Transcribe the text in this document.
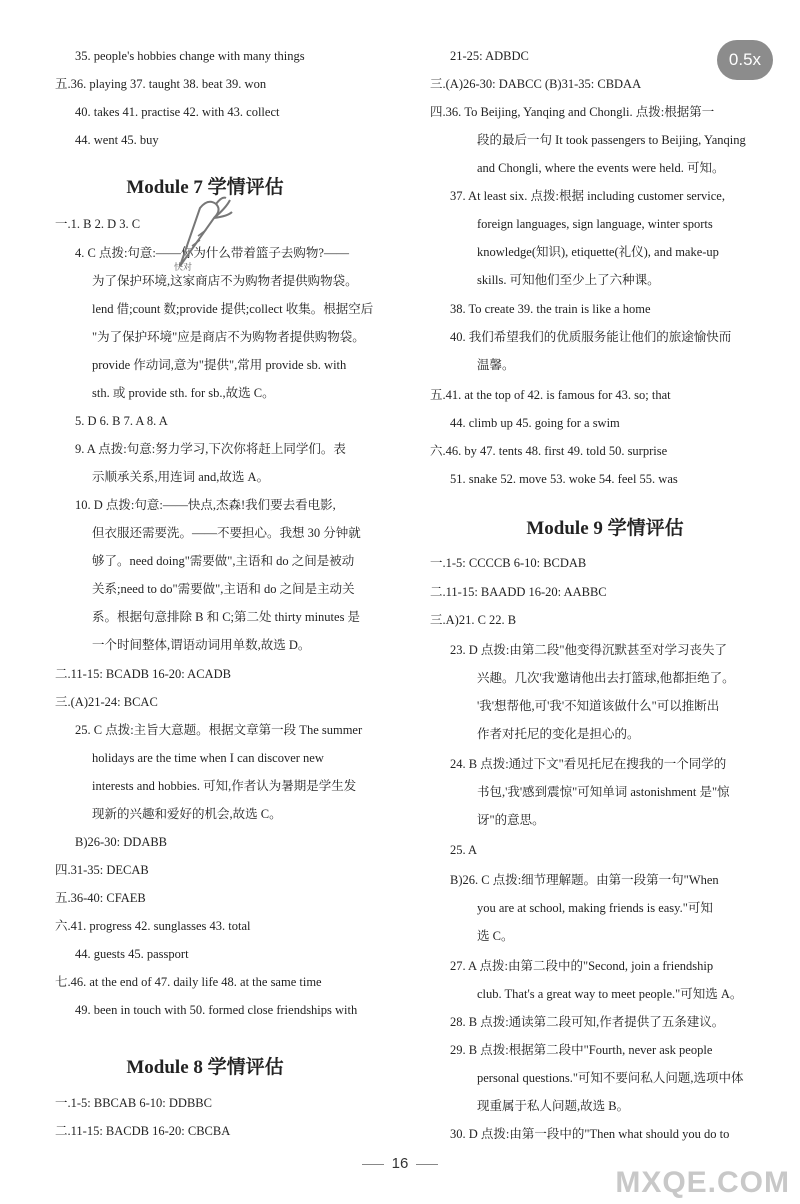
35. people's hobbies change with many things
五.36. playing 37. taught 38. beat 39. won
40. takes 41. practise 42. with 43. collect
44. went 45. buy
一.1. B 2. D 3. C
4. C 点拨:句意:——你为什么带着篮子去购物?——
为了保护环境,这家商店不为购物者提供购物袋。
lend 借;count 数;provide 提供;collect 收集。根据空后
"为了保护环境"应是商店不为购物者提供购物袋。
provide 作动词,意为"提供",常用 provide sb. with
sth. 或 provide sth. for sb.,故选 C。
5. D 6. B 7. A 8. A
9. A 点拨:句意:努力学习,下次你将赶上同学们。表
示顺承关系,用连词 and,故选 A。
10. D 点拨:句意:——快点,杰森!我们要去看电影,
但衣服还需要洗。——不要担心。我想 30 分钟就
够了。need doing"需要做",主语和 do 之间是被动
关系;need to do"需要做",主语和 do 之间是主动关
系。根据句意排除 B 和 C;第二处 thirty minutes 是
一个时间整体,谓语动词用单数,故选 D。
二.11-15: BCADB 16-20: ACADB
三.(A)21-24: BCAC
25. C 点拨:主旨大意题。根据文章第一段 The summer
holidays are the time when I can discover new
interests and hobbies. 可知,作者认为暑期是学生发
现新的兴趣和爱好的机会,故选 C。
B)26-30: DDABB
四.31-35: DECAB
五.36-40: CFAEB
六.41. progress 42. sunglasses 43. total
44. guests 45. passport
七.46. at the end of 47. daily life 48. at the same time
49. been in touch with 50. formed close friendships with
一.1-5: BBCAB 6-10: DDBBC
二.11-15: BACDB 16-20: CBCBA
Module 7 学情评估
Module 8 学情评估
21-25: ADBDC
三.(A)26-30: DABCC (B)31-35: CBDAA
四.36. To Beijing, Yanqing and Chongli. 点拨:根据第一
段的最后一句 It took passengers to Beijing, Yanqing
and Chongli, where the events were held. 可知。
37. At least six. 点拨:根据 including customer service,
foreign languages, sign language, winter sports
knowledge(知识), etiquette(礼仪), and make-up
skills. 可知他们至少上了六种课。
38. To create 39. the train is like a home
40. 我们希望我们的优质服务能让他们的旅途愉快而
温馨。
五.41. at the top of 42. is famous for 43. so; that
44. climb up 45. going for a swim
六.46. by 47. tents 48. first 49. told 50. surprise
51. snake 52. move 53. woke 54. feel 55. was
一.1-5: CCCCB 6-10: BCDAB
二.11-15: BAADD 16-20: AABBC
三.A)21. C 22. B
23. D 点拨:由第二段"他变得沉默甚至对学习丧失了
兴趣。几次'我'邀请他出去打篮球,他都拒绝了。
'我'想帮他,可'我'不知道该做什么"可以推断出
作者对托尼的变化是担心的。
24. B 点拨:通过下文"看见托尼在搜我的一个同学的
书包,'我'感到震惊"可知单词 astonishment 是"惊
讶"的意思。
25. A
B)26. C 点拨:细节理解题。由第一段第一句"When
you are at school, making friends is easy."可知
选 C。
27. A 点拨:由第二段中的"Second, join a friendship
club. That's a great way to meet people."可知选 A。
28. B 点拨:通读第二段可知,作者提供了五条建议。
29. B 点拨:根据第二段中"Fourth, never ask people
personal questions."可知不要问私人问题,选项中体
现重属于私人问题,故选 B。
30. D 点拨:由第一段中的"Then what should you do to
Module 9 学情评估
快对
0.5x
16
MXQE.COM
